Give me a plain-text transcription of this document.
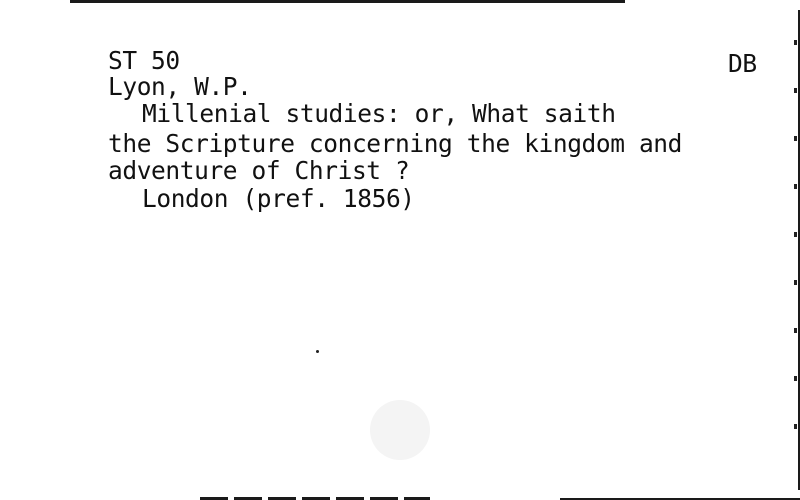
ST 50	DB
Lyon, W.P.
Millenial studies: or, What saith
the Scripture concerning the kingdom and
adventure of Christ ?
London (pref. 1856)
